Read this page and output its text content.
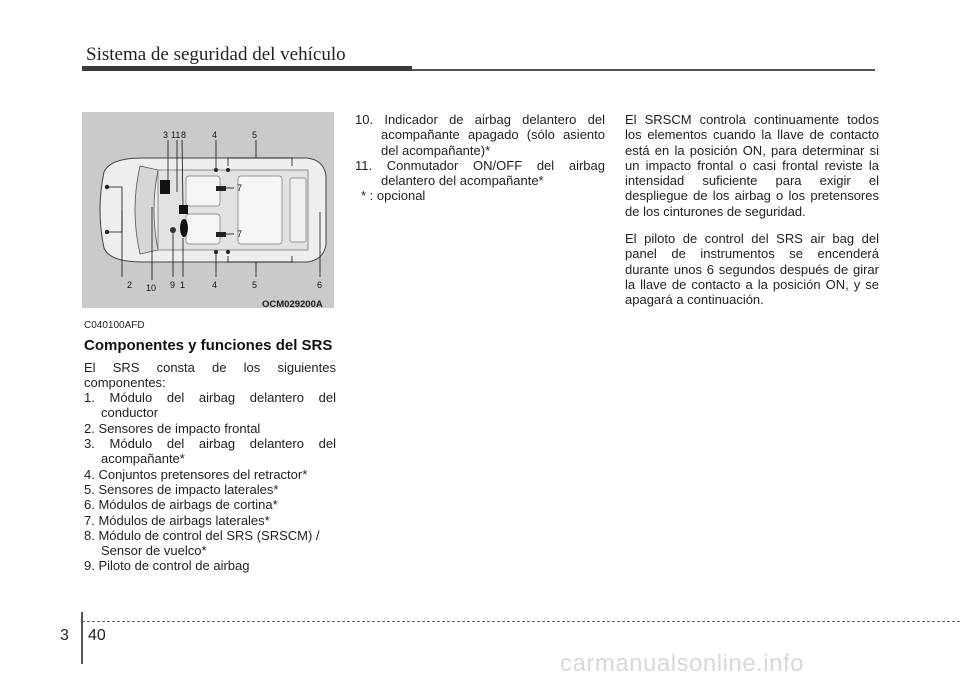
Sistema de seguridad del vehículo
3 11 8	4	5
2 10 9 1	4	5	6
7
7
OCM029200A
C040100AFD
Componentes y funciones del SRS
El SRS consta de los siguientes componentes:
1. Módulo del airbag delantero del conductor
2. Sensores de impacto frontal
3. Módulo del airbag delantero del acompañante*
4. Conjuntos pretensores del retractor*
5. Sensores de impacto laterales*
6. Módulos de airbags de cortina*
7. Módulos de airbags laterales*
8. Módulo de control del SRS (SRSCM) / Sensor de vuelco*
9. Piloto de control de airbag
10. Indicador de airbag delantero del acompañante apagado (sólo asiento del acompañante)*
11. Conmutador ON/OFF del airbag delantero del acompañante*
* : opcional
El SRSCM controla continuamente todos los elementos cuando la llave de contacto está en la posición ON, para determinar si un impacto frontal o casi frontal reviste la intensidad suficiente para exigir el despliegue de los airbag o los pretensores de los cinturones de seguridad.
El piloto de control del SRS air bag del panel de instrumentos se encenderá durante unos 6 segundos después de girar la llave de contacto a la posición ON, y se apagará a continuación.
3 40
carmanualsonline.info
